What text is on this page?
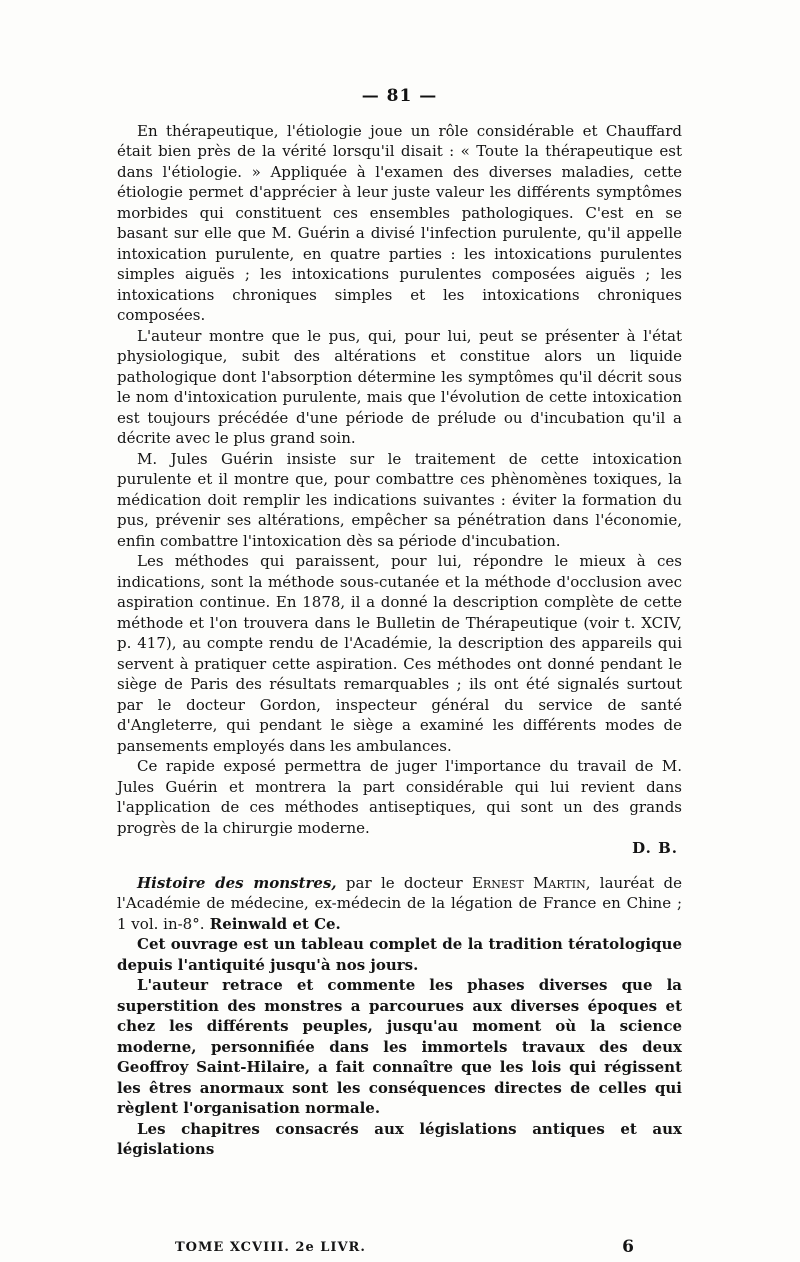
— 81 —

En thérapeutique, l'étiologie joue un rôle considérable et Chauffard était bien près de la vérité lorsqu'il disait : « Toute la thérapeutique est dans l'étiologie. » Appliquée à l'examen des diverses maladies, cette étiologie permet d'apprécier à leur juste valeur les différents symptômes morbides qui constituent ces ensembles pathologiques. C'est en se basant sur elle que M. Guérin a divisé l'infection purulente, qu'il appelle intoxication purulente, en quatre parties : les intoxications purulentes simples aiguës ; les intoxications purulentes composées aiguës ; les intoxications chroniques simples et les intoxications chroniques composées.

L'auteur montre que le pus, qui, pour lui, peut se présenter à l'état physiologique, subit des altérations et constitue alors un liquide pathologique dont l'absorption détermine les symptômes qu'il décrit sous le nom d'intoxication purulente, mais que l'évolution de cette intoxication est toujours précédée d'une période de prélude ou d'incubation qu'il a décrite avec le plus grand soin.

M. Jules Guérin insiste sur le traitement de cette intoxication purulente et il montre que, pour combattre ces phènomènes toxiques, la médication doit remplir les indications suivantes : éviter la formation du pus, prévenir ses altérations, empêcher sa pénétration dans l'économie, enfin combattre l'intoxication dès sa période d'incubation.

Les méthodes qui paraissent, pour lui, répondre le mieux à ces indications, sont la méthode sous-cutanée et la méthode d'occlusion avec aspiration continue. En 1878, il a donné la description complète de cette méthode et l'on trouvera dans le Bulletin de Thérapeutique (voir t. XCIV, p. 417), au compte rendu de l'Académie, la description des appareils qui servent à pratiquer cette aspiration. Ces méthodes ont donné pendant le siège de Paris des résultats remarquables ; ils ont été signalés surtout par le docteur Gordon, inspecteur général du service de santé d'Angleterre, qui pendant le siège a examiné les différents modes de pansements employés dans les ambulances.

Ce rapide exposé permettra de juger l'importance du travail de M. Jules Guérin et montrera la part considérable qui lui revient dans l'application de ces méthodes antiseptiques, qui sont un des grands progrès de la chirurgie moderne.

D. B.

Histoire des monstres, par le docteur Ernest Martin, lauréat de l'Académie de médecine, ex-médecin de la légation de France en Chine ; 1 vol. in-8°. Reinwald et Ce.

Cet ouvrage est un tableau complet de la tradition tératologique depuis l'antiquité jusqu'à nos jours.

L'auteur retrace et commente les phases diverses que la superstition des monstres a parcourues aux diverses époques et chez les différents peuples, jusqu'au moment où la science moderne, personnifiée dans les immortels travaux des deux Geoffroy Saint-Hilaire, a fait connaître que les lois qui régissent les êtres anormaux sont les conséquences directes de celles qui règlent l'organisation normale.

Les chapitres consacrés aux législations antiques et aux législations

TOME XCVIII. 2e LIVR.	6
